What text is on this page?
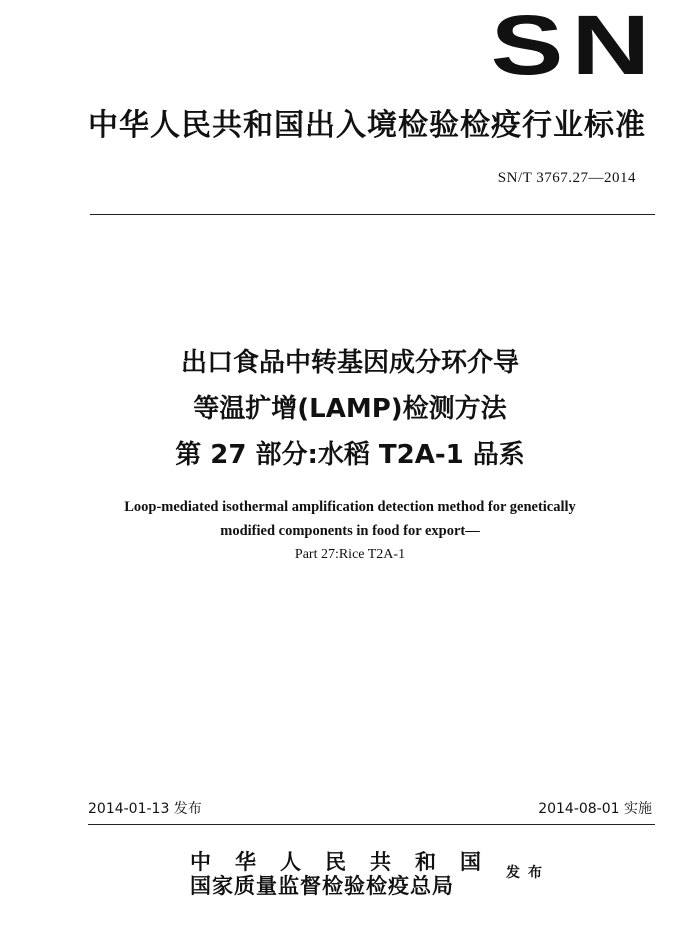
SN
中华人民共和国出入境检验检疫行业标准
SN/T 3767.27—2014
出口食品中转基因成分环介导
等温扩增(LAMP)检测方法
第 27 部分:水稻 T2A-1 品系
Loop-mediated isothermal amplification detection method for genetically
modified components in food for export—
Part 27:Rice T2A-1
2014-01-13 发布	2014-08-01 实施
中华人民共和国
国家质量监督检验检疫总局	发布
